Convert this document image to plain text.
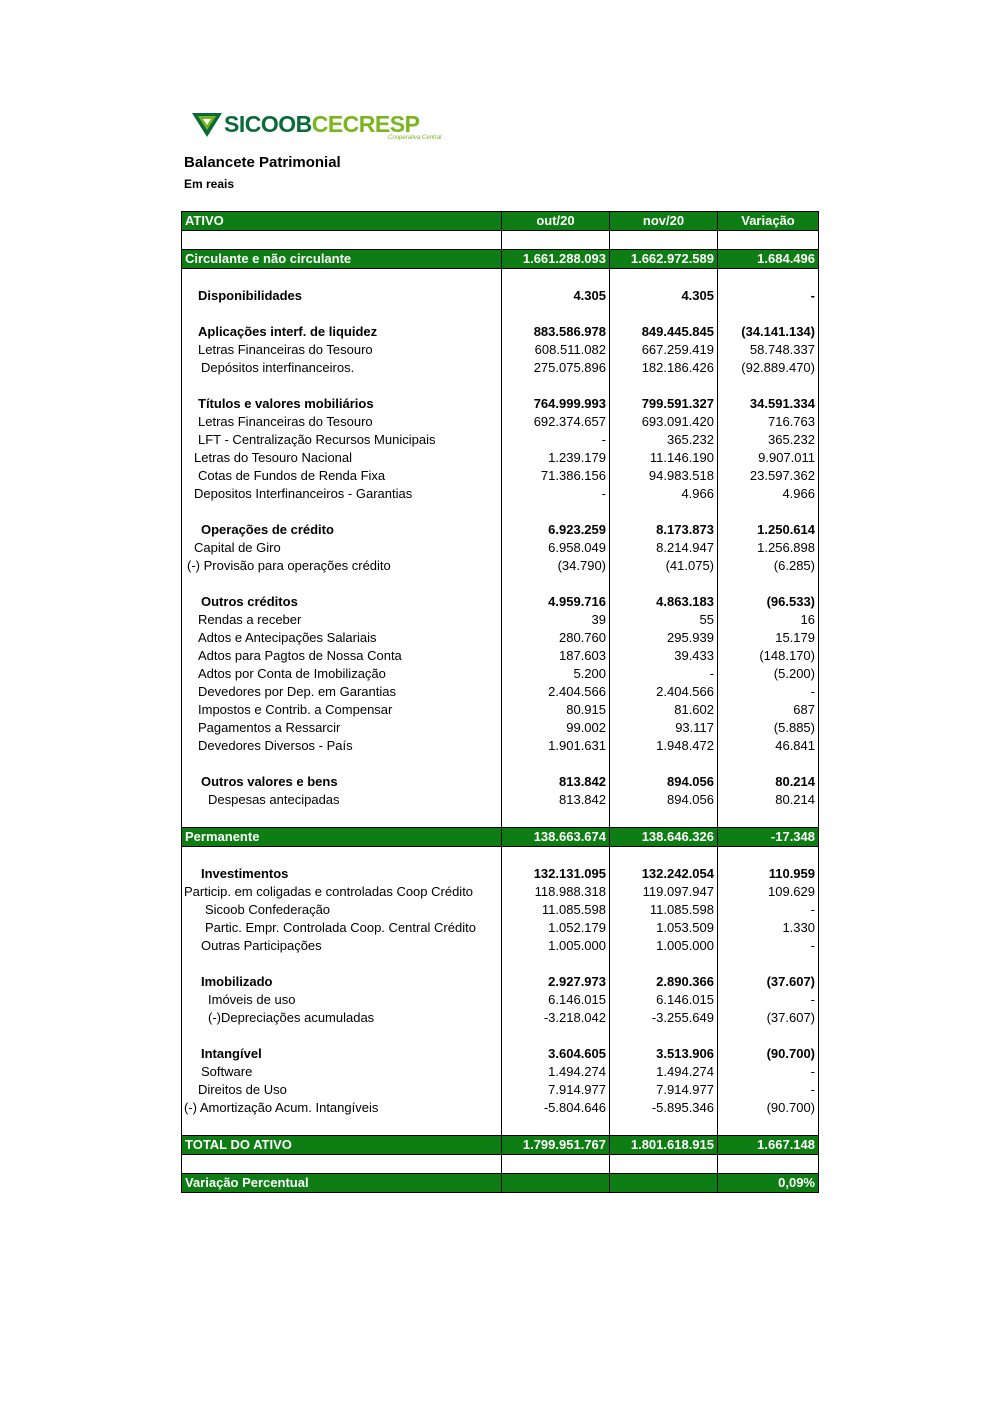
SICOOBCECRESP
Cooperativa Central
Balancete Patrimonial
Em reais
ATIVO	out/20	nov/20	Variação

Circulante e não circulante	1.661.288.093	1.662.972.589	1.684.496

Disponibilidades	4.305	4.305	-

Aplicações interf. de liquidez	883.586.978	849.445.845	(34.141.134)
Letras Financeiras do Tesouro	608.511.082	667.259.419	58.748.337
Depósitos interfinanceiros.	275.075.896	182.186.426	(92.889.470)

Títulos e valores mobiliários	764.999.993	799.591.327	34.591.334
Letras Financeiras do Tesouro	692.374.657	693.091.420	716.763
LFT - Centralização Recursos Municipais	-	365.232	365.232
Letras do Tesouro Nacional	1.239.179	11.146.190	9.907.011
Cotas de Fundos de Renda Fixa	71.386.156	94.983.518	23.597.362
Depositos Interfinanceiros - Garantias	-	4.966	4.966

Operações de crédito	6.923.259	8.173.873	1.250.614
Capital de Giro	6.958.049	8.214.947	1.256.898
(-) Provisão para operações crédito	(34.790)	(41.075)	(6.285)

Outros créditos	4.959.716	4.863.183	(96.533)
Rendas a receber	39	55	16
Adtos e Antecipações Salariais	280.760	295.939	15.179
Adtos para Pagtos de Nossa Conta	187.603	39.433	(148.170)
Adtos por Conta de Imobilização	5.200	-	(5.200)
Devedores por Dep. em Garantias	2.404.566	2.404.566	-
Impostos e Contrib. a Compensar	80.915	81.602	687
Pagamentos a Ressarcir	99.002	93.117	(5.885)
Devedores Diversos - País	1.901.631	1.948.472	46.841

Outros valores e bens	813.842	894.056	80.214
Despesas antecipadas	813.842	894.056	80.214

Permanente	138.663.674	138.646.326	-17.348

Investimentos	132.131.095	132.242.054	110.959
Particip. em coligadas e controladas Coop Crédito	118.988.318	119.097.947	109.629
Sicoob Confederação	11.085.598	11.085.598	-
Partic. Empr. Controlada Coop. Central Crédito	1.052.179	1.053.509	1.330
Outras Participações	1.005.000	1.005.000	-

Imobilizado	2.927.973	2.890.366	(37.607)
Imóveis de uso	6.146.015	6.146.015	-
(-)Depreciações acumuladas	-3.218.042	-3.255.649	(37.607)

Intangível	3.604.605	3.513.906	(90.700)
Software	1.494.274	1.494.274	-
Direitos de Uso	7.914.977	7.914.977	-
(-) Amortização Acum. Intangíveis	-5.804.646	-5.895.346	(90.700)

TOTAL DO ATIVO	1.799.951.767	1.801.618.915	1.667.148

Variação Percentual			0,09%
